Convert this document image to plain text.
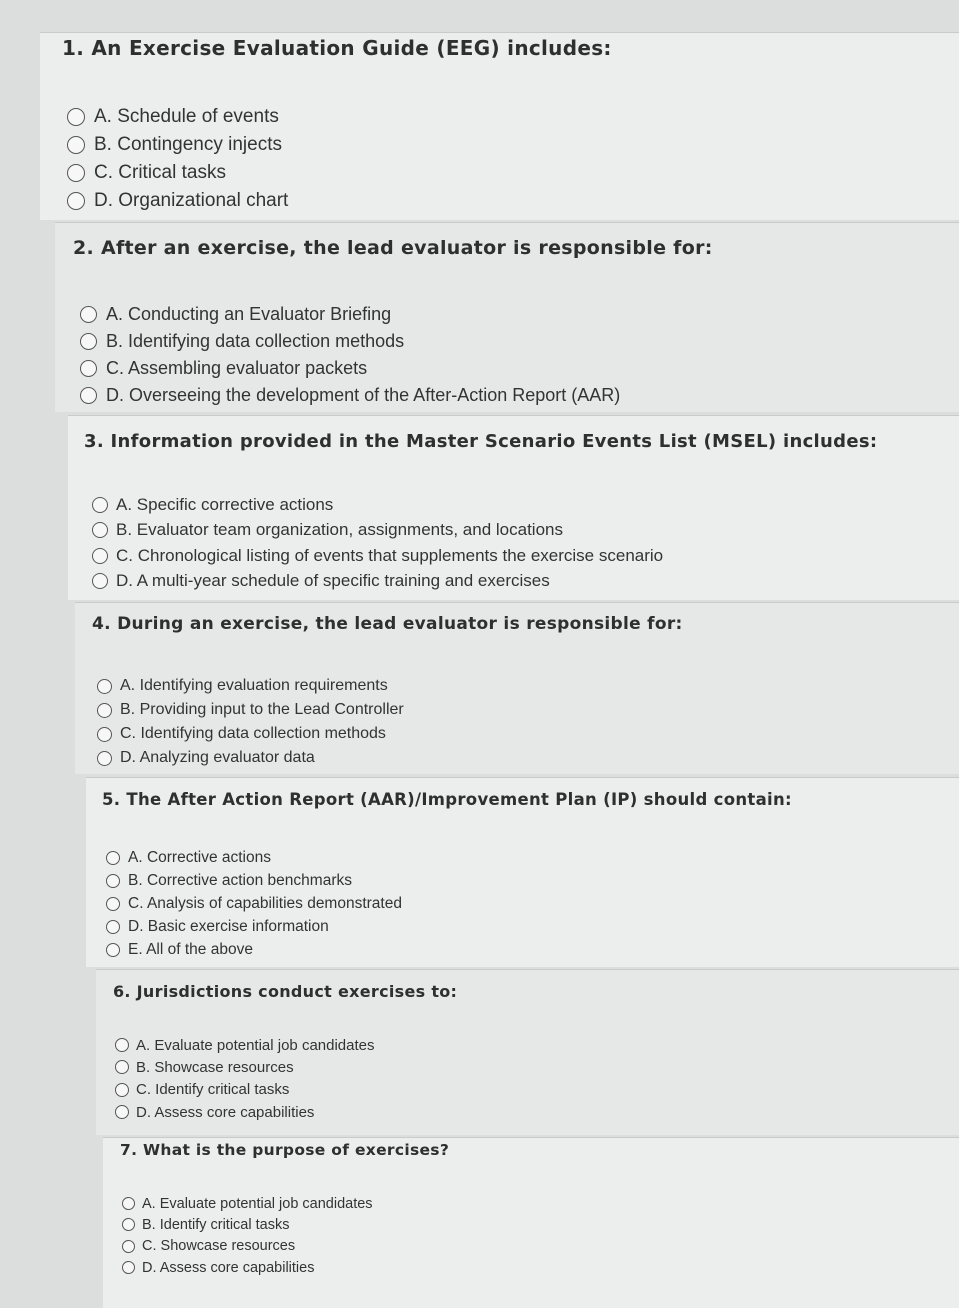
1. An Exercise Evaluation Guide (EEG) includes:
A. Schedule of events
B. Contingency injects
C. Critical tasks
D. Organizational chart
2. After an exercise, the lead evaluator is responsible for:
A. Conducting an Evaluator Briefing
B. Identifying data collection methods
C. Assembling evaluator packets
D. Overseeing the development of the After-Action Report (AAR)
3. Information provided in the Master Scenario Events List (MSEL) includes:
A. Specific corrective actions
B. Evaluator team organization, assignments, and locations
C. Chronological listing of events that supplements the exercise scenario
D. A multi-year schedule of specific training and exercises
4. During an exercise, the lead evaluator is responsible for:
A. Identifying evaluation requirements
B. Providing input to the Lead Controller
C. Identifying data collection methods
D. Analyzing evaluator data
5. The After Action Report (AAR)/Improvement Plan (IP) should contain:
A. Corrective actions
B. Corrective action benchmarks
C. Analysis of capabilities demonstrated
D. Basic exercise information
E. All of the above
6. Jurisdictions conduct exercises to:
A. Evaluate potential job candidates
B. Showcase resources
C. Identify critical tasks
D. Assess core capabilities
7. What is the purpose of exercises?
A. Evaluate potential job candidates
B. Identify critical tasks
C. Showcase resources
D. Assess core capabilities
